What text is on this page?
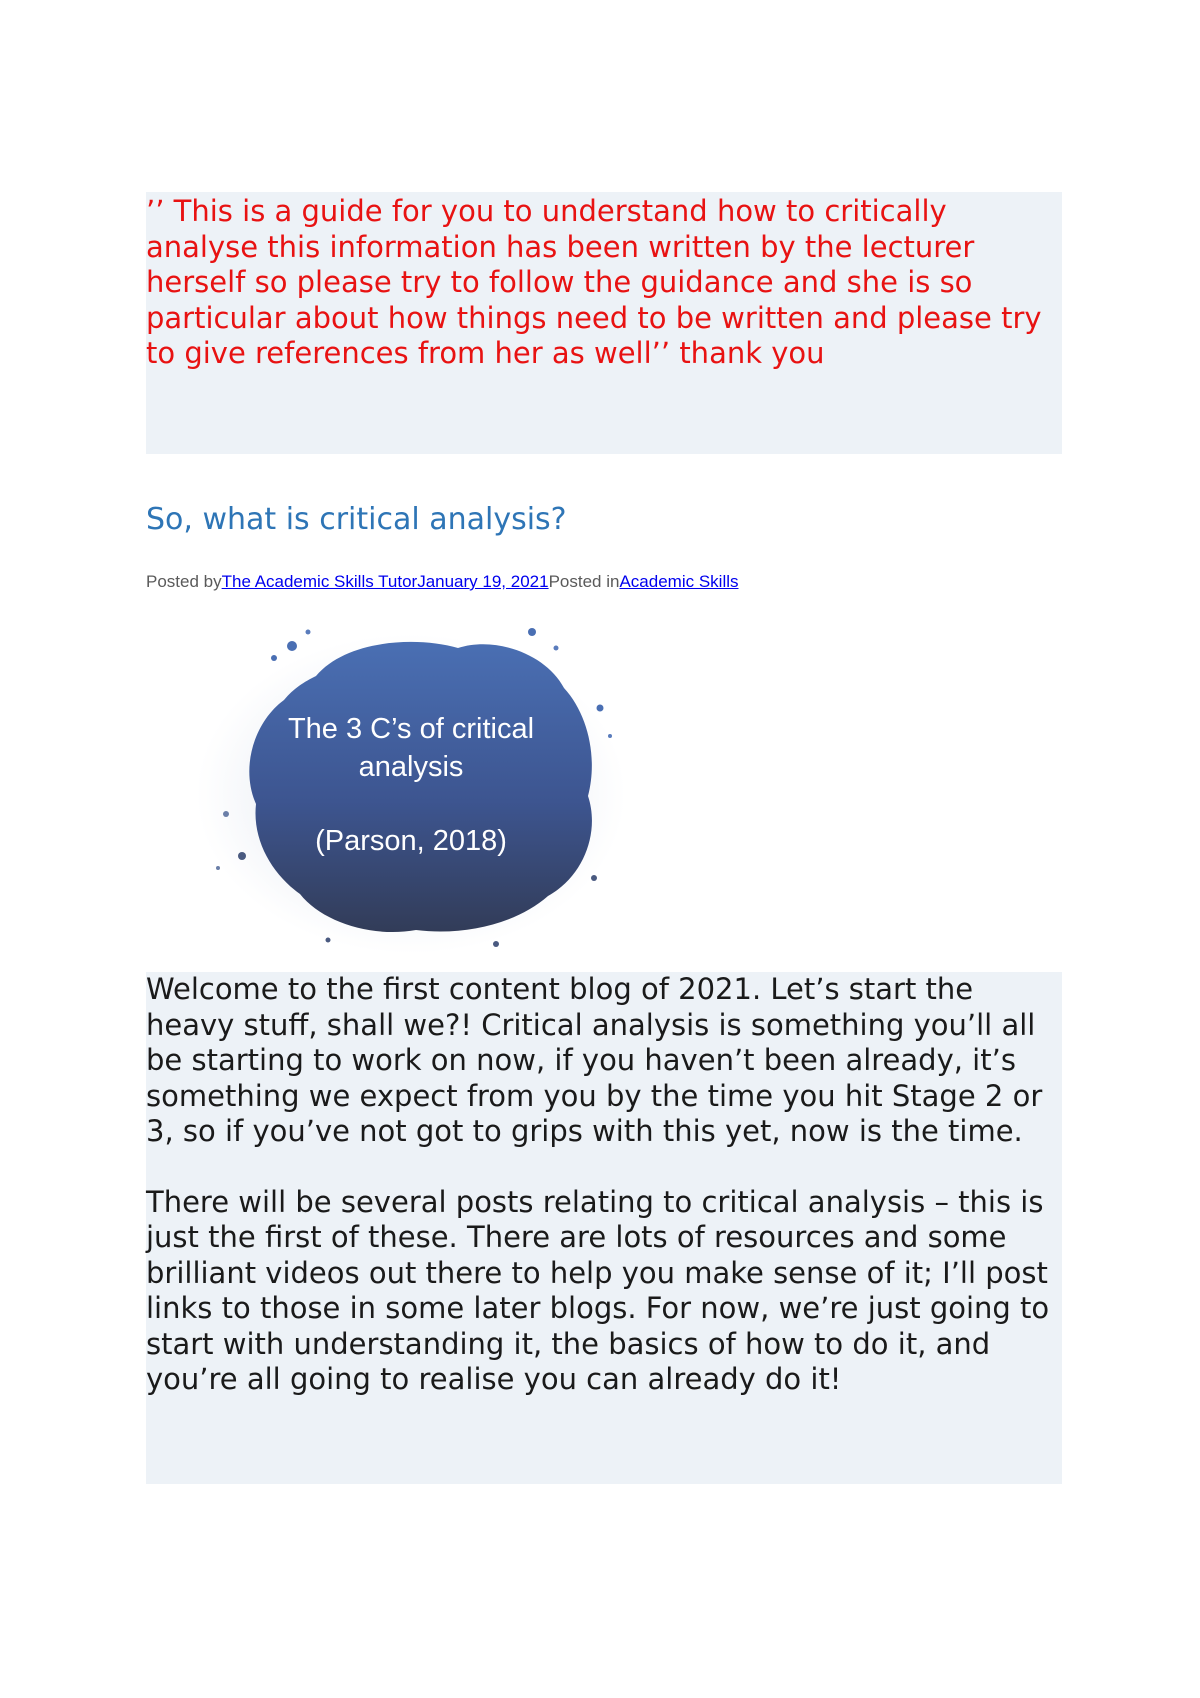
’’ This is a guide for you to understand how to critically analyse this information has been written by the lecturer herself so please try to follow the guidance and she is so particular about how things need to be written and please try to give references from her as well’’ thank you

So, what is critical analysis?
Posted byThe Academic Skills TutorJanuary 19, 2021Posted inAcademic Skills
The 3 C’s of critical
analysis
(Parson, 2018)

Welcome to the first content blog of 2021. Let’s start the heavy stuff, shall we?! Critical analysis is something you’ll all be starting to work on now, if you haven’t been already, it’s something we expect from you by the time you hit Stage 2 or 3, so if you’ve not got to grips with this yet, now is the time.

There will be several posts relating to critical analysis – this is just the first of these. There are lots of resources and some brilliant videos out there to help you make sense of it; I’ll post links to those in some later blogs. For now, we’re just going to start with understanding it, the basics of how to do it, and you’re all going to realise you can already do it!
